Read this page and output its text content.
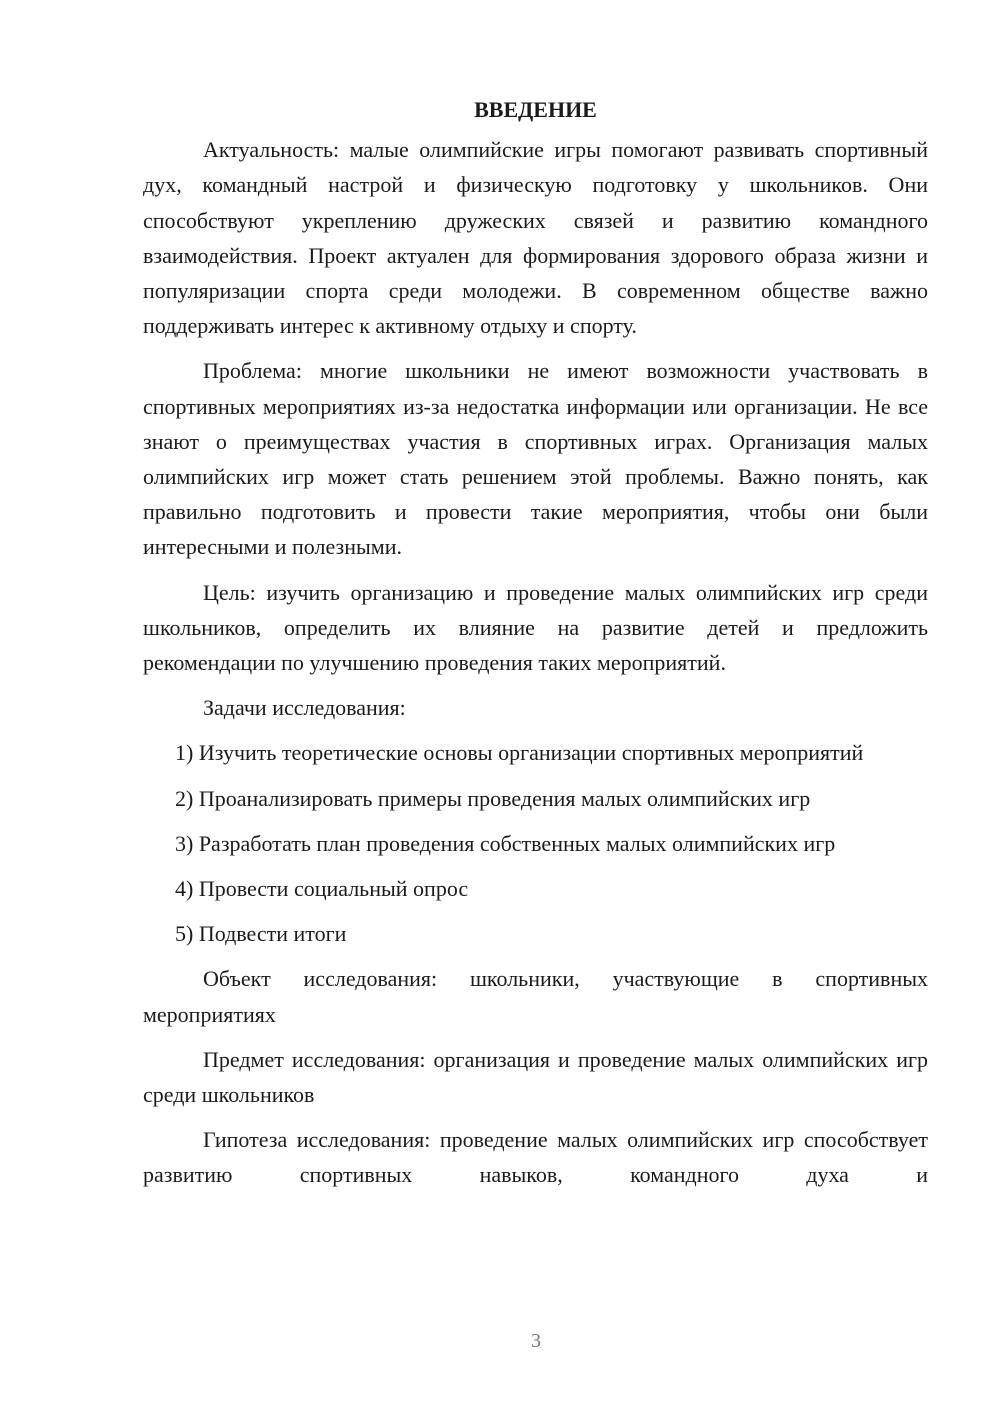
ВВЕДЕНИЕ

Актуальность: малые олимпийские игры помогают развивать спортивный дух, командный настрой и физическую подготовку у школьников. Они способствуют укреплению дружеских связей и развитию командного взаимодействия. Проект актуален для формирования здорового образа жизни и популяризации спорта среди молодежи. В современном обществе важно поддерживать интерес к активному отдыху и спорту.

Проблема: многие школьники не имеют возможности участвовать в спортивных мероприятиях из-за недостатка информации или организации. Не все знают о преимуществах участия в спортивных играх. Организация малых олимпийских игр может стать решением этой проблемы. Важно понять, как правильно подготовить и провести такие мероприятия, чтобы они были интересными и полезными.

Цель: изучить организацию и проведение малых олимпийских игр среди школьников, определить их влияние на развитие детей и предложить рекомендации по улучшению проведения таких мероприятий.

Задачи исследования:

1) Изучить теоретические основы организации спортивных мероприятий
2) Проанализировать примеры проведения малых олимпийских игр
3) Разработать план проведения собственных малых олимпийских игр
4) Провести социальный опрос
5) Подвести итоги

Объект исследования: школьники, участвующие в спортивных мероприятиях

Предмет исследования: организация и проведение малых олимпийских игр среди школьников

Гипотеза исследования: проведение малых олимпийских игр способствует развитию спортивных навыков, командного духа и

3
